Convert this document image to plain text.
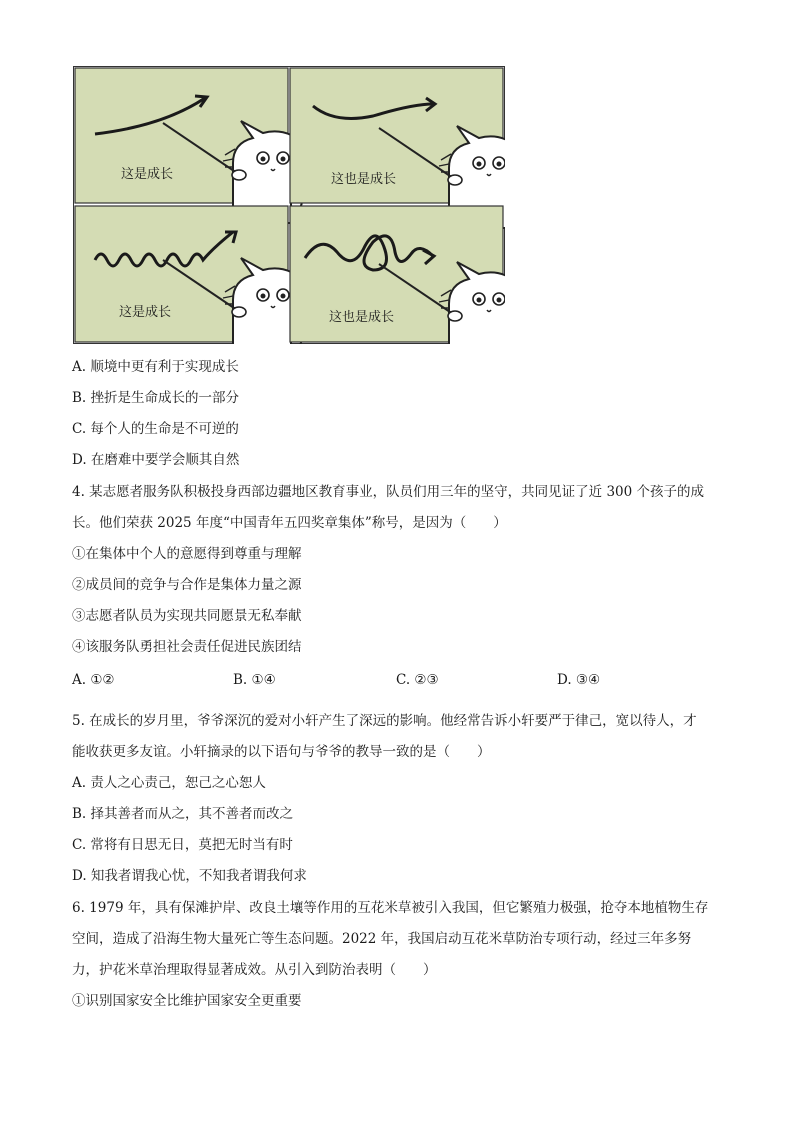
这是成长	这也是成长
这是成长	这也是成长
A. 顺境中更有利于实现成长
B. 挫折是生命成长的一部分
C. 每个人的生命是不可逆的
D. 在磨难中要学会顺其自然
4. 某志愿者服务队积极投身西部边疆地区教育事业，队员们用三年的坚守，共同见证了近 300 个孩子的成
长。他们荣获 2025 年度“中国青年五四奖章集体”称号，是因为（　　）
①在集体中个人的意愿得到尊重与理解
②成员间的竞争与合作是集体力量之源
③志愿者队员为实现共同愿景无私奉献
④该服务队勇担社会责任促进民族团结
A. ①②	B. ①④	C. ②③	D. ③④
5. 在成长的岁月里，爷爷深沉的爱对小轩产生了深远的影响。他经常告诉小轩要严于律己，宽以待人，才
能收获更多友谊。小轩摘录的以下语句与爷爷的教导一致的是（　　）
A. 责人之心责己，恕己之心恕人
B. 择其善者而从之，其不善者而改之
C. 常将有日思无日，莫把无时当有时
D. 知我者谓我心忧，不知我者谓我何求
6. 1979 年，具有保滩护岸、改良土壤等作用的互花米草被引入我国，但它繁殖力极强，抢夺本地植物生存
空间，造成了沿海生物大量死亡等生态问题。2022 年，我国启动互花米草防治专项行动，经过三年多努
力，护花米草治理取得显著成效。从引入到防治表明（　　）
①识别国家安全比维护国家安全更重要
